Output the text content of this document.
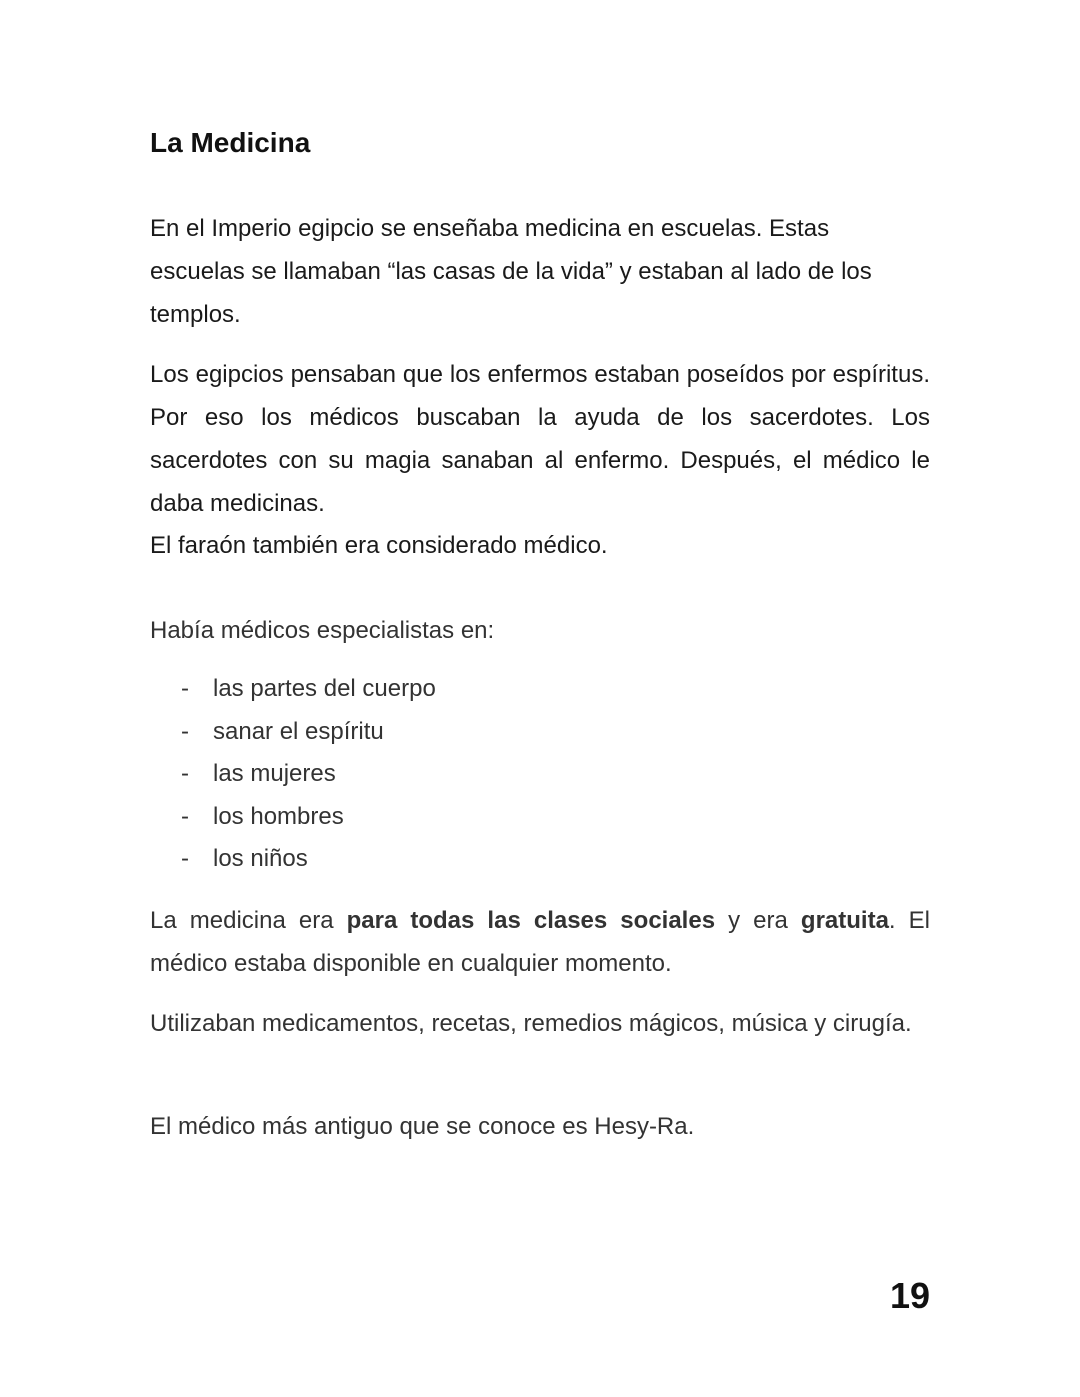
La Medicina

En el Imperio egipcio se enseñaba medicina en escuelas. Estas escuelas se llamaban “las casas de la vida” y estaban al lado de los templos.

Los egipcios pensaban que los enfermos estaban poseídos por espíritus. Por eso los médicos buscaban la ayuda de los sacerdotes. Los sacerdotes con su magia sanaban al enfermo. Después, el médico le daba medicinas.

El faraón también era considerado médico.

Había médicos especialistas en:

- las partes del cuerpo
- sanar el espíritu
- las mujeres
- los hombres
- los niños

La medicina era para todas las clases sociales y era gratuita. El médico estaba disponible en cualquier momento.

Utilizaban medicamentos, recetas, remedios mágicos, música y cirugía.

El médico más antiguo que se conoce es Hesy-Ra.

19
